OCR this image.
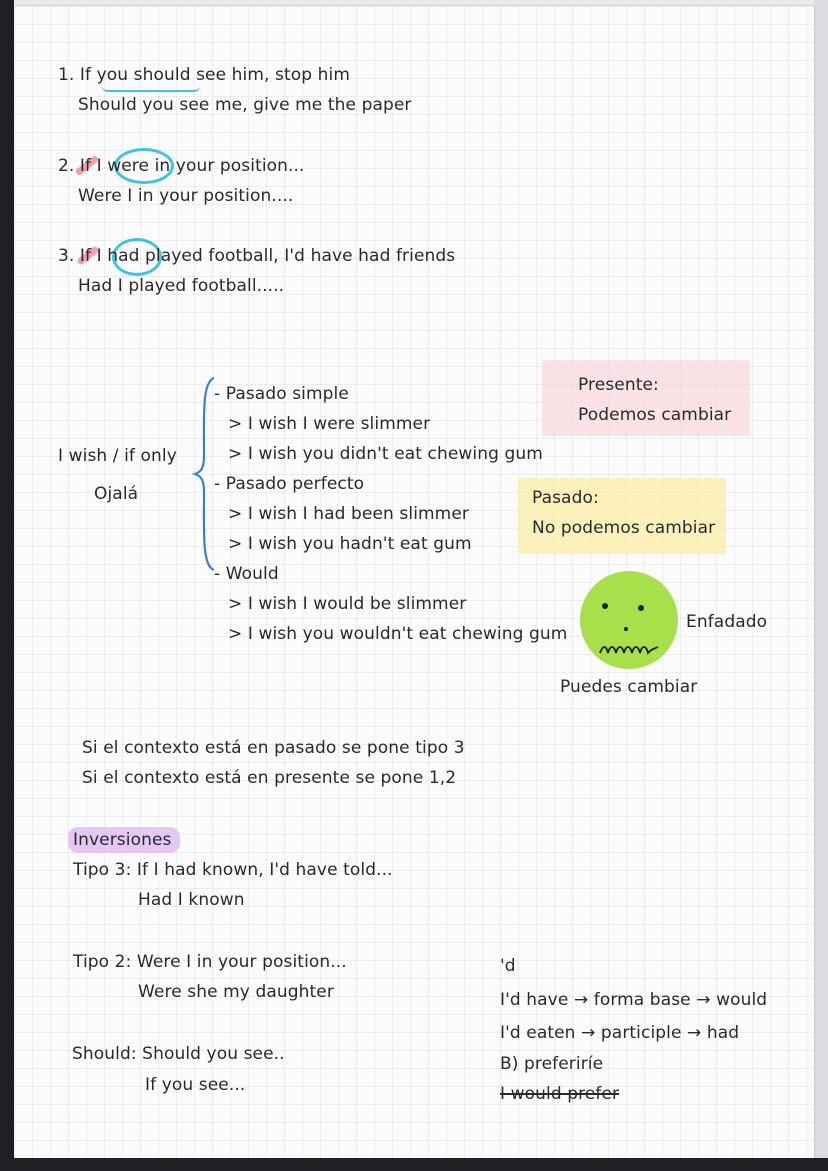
1. If you should see him, stop him
Should you see me, give me the paper
2. If I were in your position...
Were I in your position....
3. If I had played football, I'd have had friends
Had I played football.....
Presente:
Podemos cambiar
Pasado:
No podemos cambiar
I wish / if only
Ojalá
- Pasado simple
> I wish I were slimmer
> I wish you didn't eat chewing gum
- Pasado perfecto
> I wish I had been slimmer
> I wish you hadn't eat gum
- Would
> I wish I would be slimmer
> I wish you wouldn't eat chewing gum
Enfadado
Puedes cambiar
Si el contexto está en pasado se pone tipo 3
Si el contexto está en presente se pone 1,2
Inversiones
Tipo 3: If I had known, I'd have told...
Had I known
Tipo 2: Were I in your position...
Were she my daughter
Should: Should you see..
If you see...
'd
I'd have → forma base → would
I'd eaten → participle → had
B) preferiríe
I would prefer
